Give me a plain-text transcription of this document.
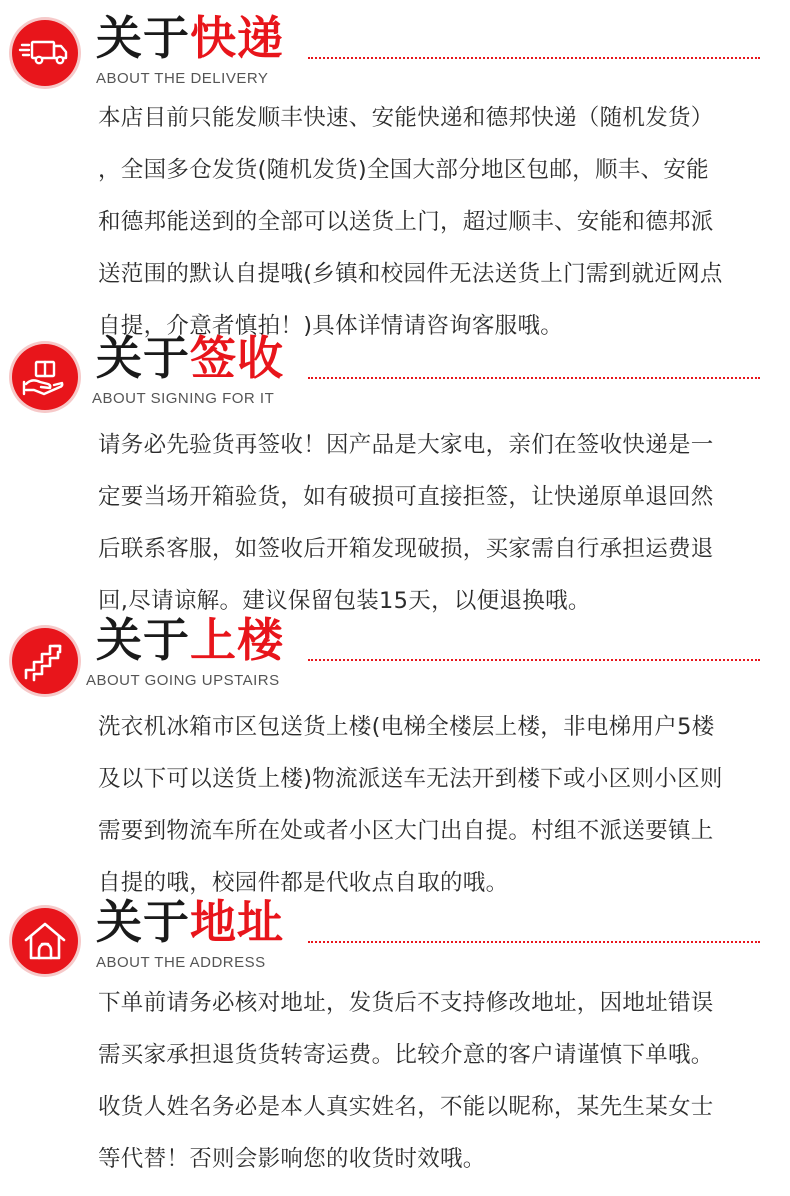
关于快递
ABOUT THE DELIVERY
本店目前只能发顺丰快速、安能快递和德邦快递（随机发货）
，全国多仓发货(随机发货)全国大部分地区包邮，顺丰、安能
和德邦能送到的全部可以送货上门，超过顺丰、安能和德邦派
送范围的默认自提哦(乡镇和校园件无法送货上门需到就近网点
自提，介意者慎拍！)具体详情请咨询客服哦。
关于签收
ABOUT SIGNING FOR IT
请务必先验货再签收！因产品是大家电，亲们在签收快递是一
定要当场开箱验货，如有破损可直接拒签，让快递原单退回然
后联系客服，如签收后开箱发现破损，买家需自行承担运费退
回,尽请谅解。建议保留包装15天，以便退换哦。
关于上楼
ABOUT GOING UPSTAIRS
洗衣机冰箱市区包送货上楼(电梯全楼层上楼，非电梯用户5楼
及以下可以送货上楼)物流派送车无法开到楼下或小区则小区则
需要到物流车所在处或者小区大门出自提。村组不派送要镇上
自提的哦，校园件都是代收点自取的哦。
关于地址
ABOUT THE ADDRESS
下单前请务必核对地址，发货后不支持修改地址，因地址错误
需买家承担退货货转寄运费。比较介意的客户请谨慎下单哦。
收货人姓名务必是本人真实姓名，不能以昵称，某先生某女士
等代替！否则会影响您的收货时效哦。
